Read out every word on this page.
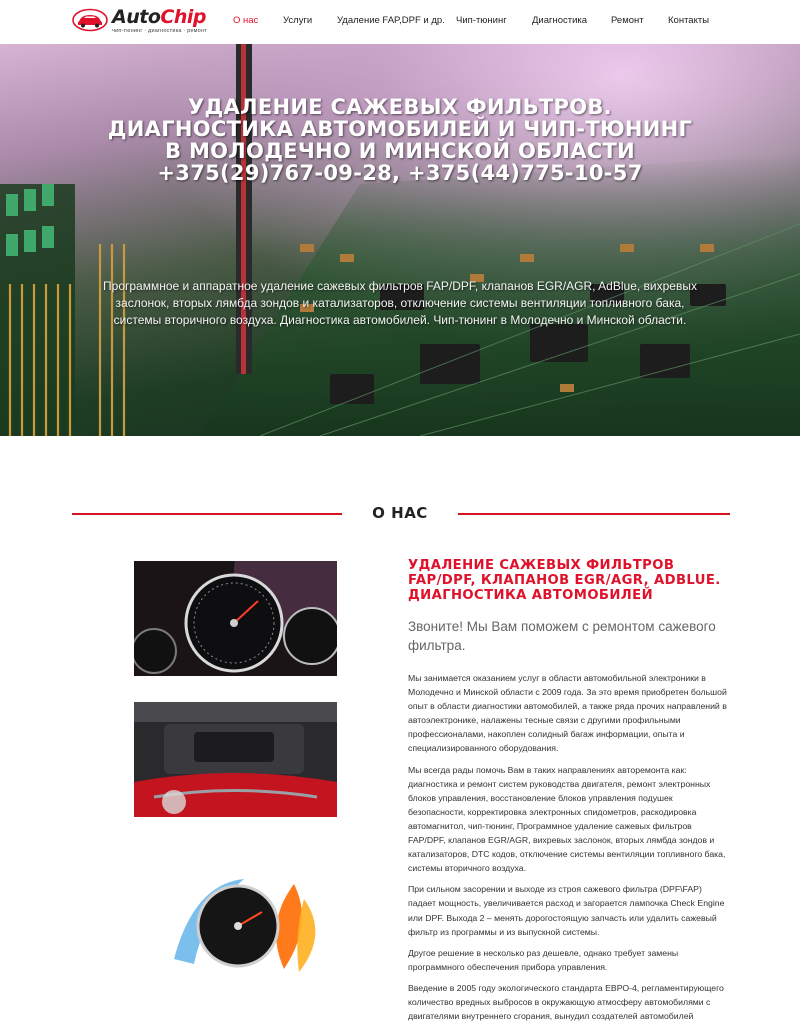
AutoChip
чип-тюнинг · диагностика · ремонт
О нас	Услуги	Удаление FAP,DPF и др. Чип-тюнинг	Диагностика	Ремонт	Контакты
УДАЛЕНИЕ САЖЕВЫХ ФИЛЬТРОВ.
ДИАГНОСТИКА АВТОМОБИЛЕЙ И ЧИП-ТЮНИНГ
В МОЛОДЕЧНО И МИНСКОЙ ОБЛАСТИ
+375(29)767-09-28, +375(44)775-10-57

Программное и аппаратное удаление сажевых фильтров FAP/DPF, клапанов EGR/AGR, AdBlue, вихревых заслонок, вторых лямбда зондов и катализаторов, отключение системы вентиляции топливного бака, системы вторичного воздуха. Диагностика автомобилей. Чип-тюнинг в Молодечно и Минской области.

О НАС
УДАЛЕНИЕ САЖЕВЫХ ФИЛЬТРОВ FAP/DPF, КЛАПАНОВ EGR/AGR, ADBLUE. ДИАГНОСТИКА АВТОМОБИЛЕЙ

Звоните! Мы Вам поможем с ремонтом сажевого фильтра.

Мы занимается оказанием услуг в области автомобильной электроники в Молодечно и Минской области с 2009 года. За это время приобретен большой опыт в области диагностики автомобилей, а также ряда прочих направлений в автоэлектронике, налажены тесные связи с другими профильными профессионалами, накоплен солидный багаж информации, опыта и специализированного оборудования.

Мы всегда рады помочь Вам в таких направлениях авторемонта как: диагностика и ремонт систем руководства двигателя, ремонт электронных блоков управления, восстановление блоков управления подушек безопасности, корректировка электронных спидометров, раскодировка автомагнитол, чип-тюнинг, Программное удаление сажевых фильтров FAP/DPF, клапанов EGR/AGR, вихревых заслонок, вторых лямбда зондов и катализаторов, DTC кодов, отключение системы вентиляции топливного бака, системы вторичного воздуха.

При сильном засорении и выходе из строя сажевого фильтра (DPF\FAP) падает мощность, увеличивается расход и загорается лампочка Check Engine или DPF. Выхода 2 – менять дорогостоящую запчасть или удалить сажевый фильтр из программы и из выпускной системы.

Другое решение в несколько раз дешевле, однако требует замены программного обеспечения прибора управления.

Введение в 2005 году экологического стандарта ЕВРО-4, регламентирующего количество вредных выбросов в окружающую атмосферу автомобилями с двигателями внутреннего сгорания, вынудил создателей автомобилей
